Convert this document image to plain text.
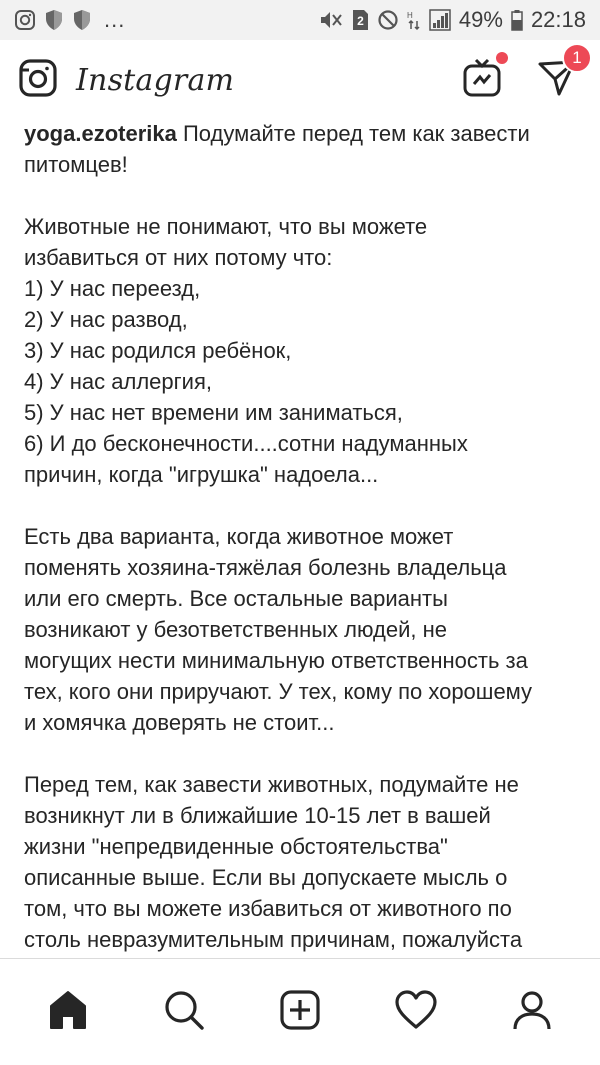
...	2	H 49% 22:18
Instagram
1
yoga.ezoterika Подумайте перед тем как завести
питомцев!
Животные не понимают, что вы можете
избавиться от них потому что:
1) У нас переезд,
2) У нас развод,
3) У нас родился ребёнок,
4) У нас аллергия,
5) У нас нет времени им заниматься,
6) И до бесконечности....сотни надуманных
причин, когда "игрушка" надоела...
Есть два варианта, когда животное может
поменять хозяина-тяжёлая болезнь владельца
или его смерть. Все остальные варианты
возникают у безответственных людей, не
могущих нести минимальную ответственность за
тех, кого они приручают. У тех, кому по хорошему
и хомячка доверять не стоит...
Перед тем, как завести животных, подумайте не
возникнут ли в ближайшие 10-15 лет в вашей
жизни "непредвиденные обстоятельства"
описанные выше. Если вы допускаете мысль о
том, что вы можете избавиться от животного по
столь невразумительным причинам, пожалуйста
